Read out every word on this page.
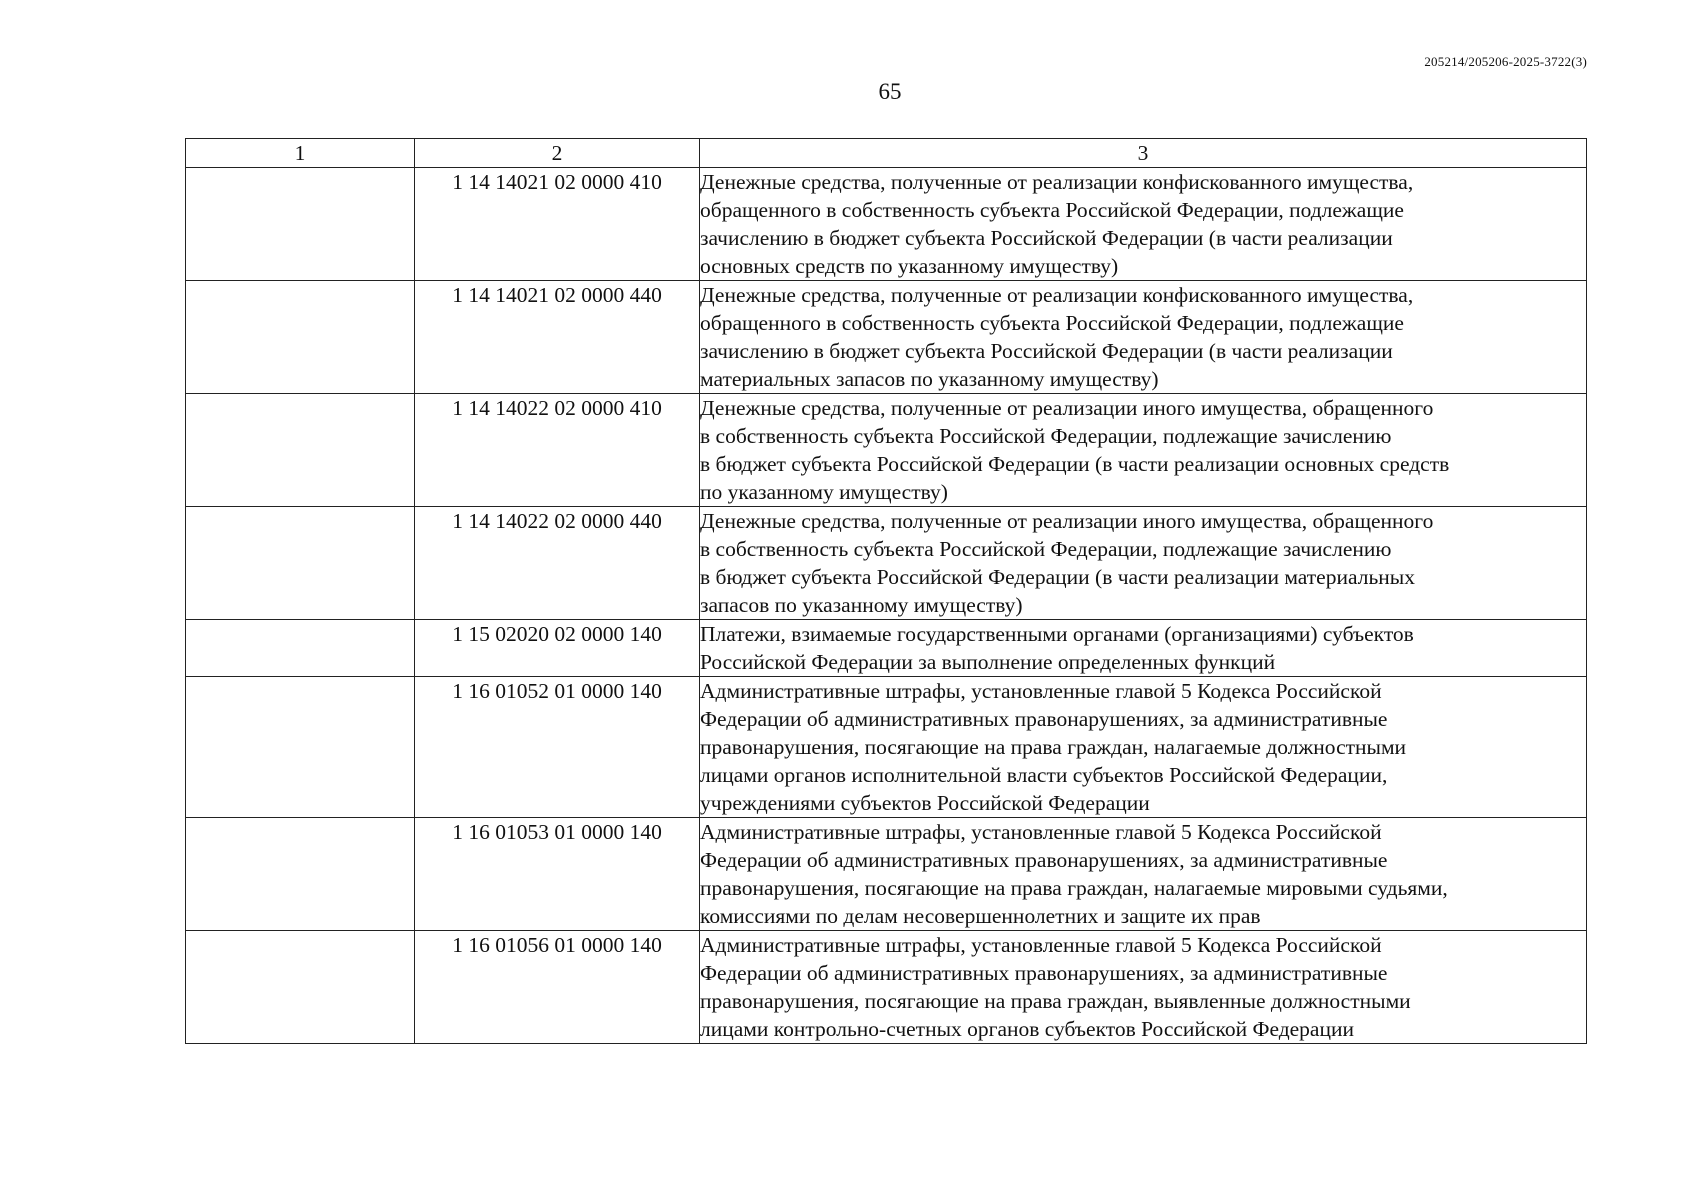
205214/205206-2025-3722(3)
65
1	2	3
	1 14 14021 02 0000 410	Денежные средства, полученные от реализации конфискованного имущества,
обращенного в собственность субъекта Российской Федерации, подлежащие
зачислению в бюджет субъекта Российской Федерации (в части реализации
основных средств по указанному имуществу)

	1 14 14021 02 0000 440	Денежные средства, полученные от реализации конфискованного имущества,
обращенного в собственность субъекта Российской Федерации, подлежащие
зачислению в бюджет субъекта Российской Федерации (в части реализации
материальных запасов по указанному имуществу)

	1 14 14022 02 0000 410	Денежные средства, полученные от реализации иного имущества, обращенного
в собственность субъекта Российской Федерации, подлежащие зачислению
в бюджет субъекта Российской Федерации (в части реализации основных средств
по указанному имуществу)

	1 14 14022 02 0000 440	Денежные средства, полученные от реализации иного имущества, обращенного
в собственность субъекта Российской Федерации, подлежащие зачислению
в бюджет субъекта Российской Федерации (в части реализации материальных
запасов по указанному имуществу)

	1 15 02020 02 0000 140	Платежи, взимаемые государственными органами (организациями) субъектов
Российской Федерации за выполнение определенных функций

	1 16 01052 01 0000 140	Административные штрафы, установленные главой 5 Кодекса Российской
Федерации об административных правонарушениях, за административные
правонарушения, посягающие на права граждан, налагаемые должностными
лицами органов исполнительной власти субъектов Российской Федерации,
учреждениями субъектов Российской Федерации

	1 16 01053 01 0000 140	Административные штрафы, установленные главой 5 Кодекса Российской
Федерации об административных правонарушениях, за административные
правонарушения, посягающие на права граждан, налагаемые мировыми судьями,
комиссиями по делам несовершеннолетних и защите их прав

	1 16 01056 01 0000 140	Административные штрафы, установленные главой 5 Кодекса Российской
Федерации об административных правонарушениях, за административные
правонарушения, посягающие на права граждан, выявленные должностными
лицами контрольно-счетных органов субъектов Российской Федерации
